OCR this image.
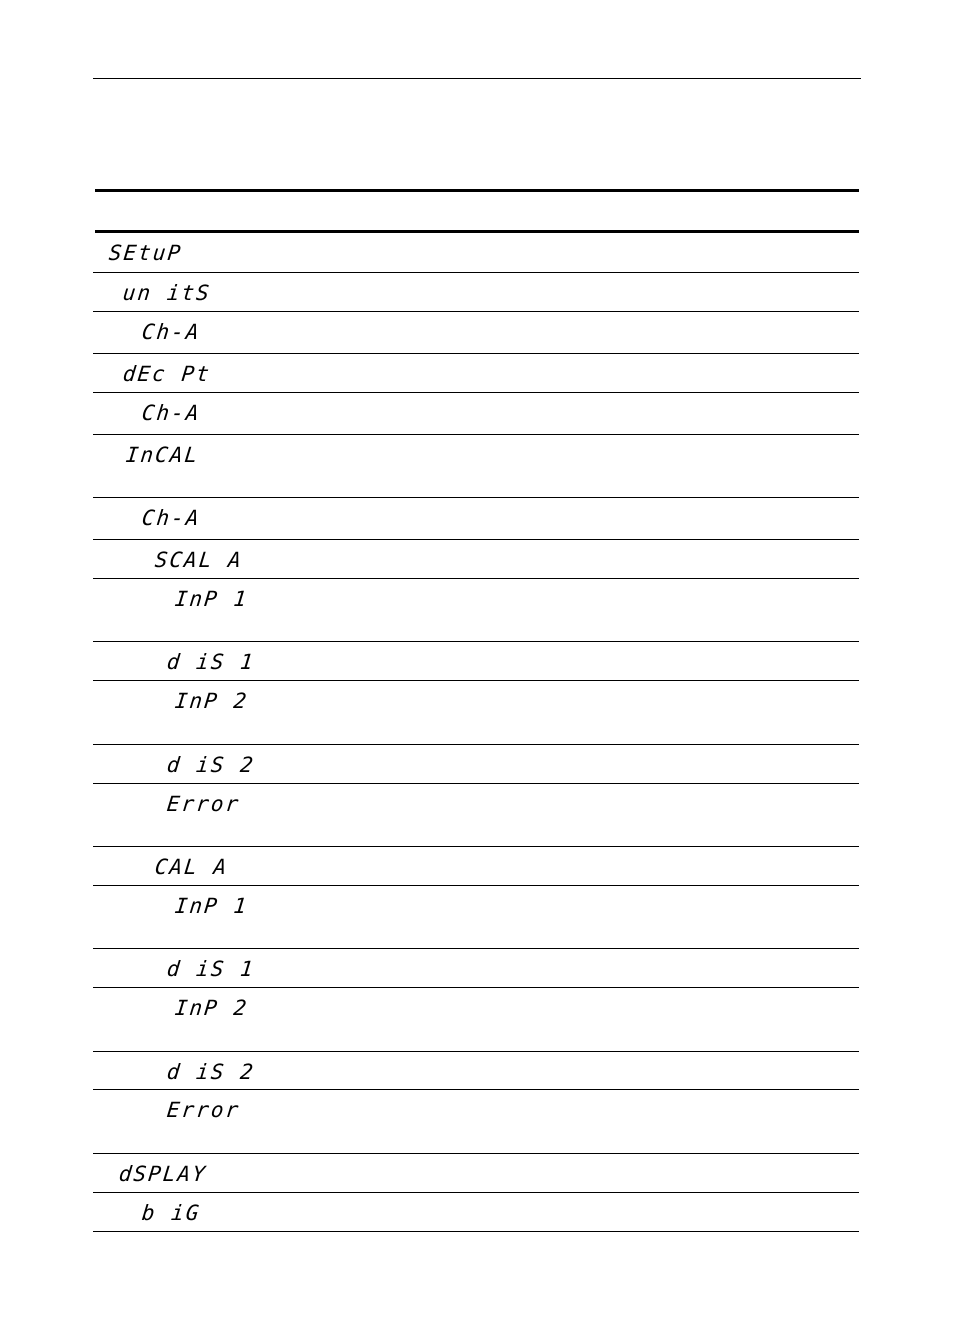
SEtuP
un itS
Ch-A
dEc Pt
Ch-A
InCAL
Ch-A
SCAL A
InP 1
d iS 1
InP 2
d iS 2
Error
CAL A
InP 1
d iS 1
InP 2
d iS 2
Error
dSPLAY
b iG
